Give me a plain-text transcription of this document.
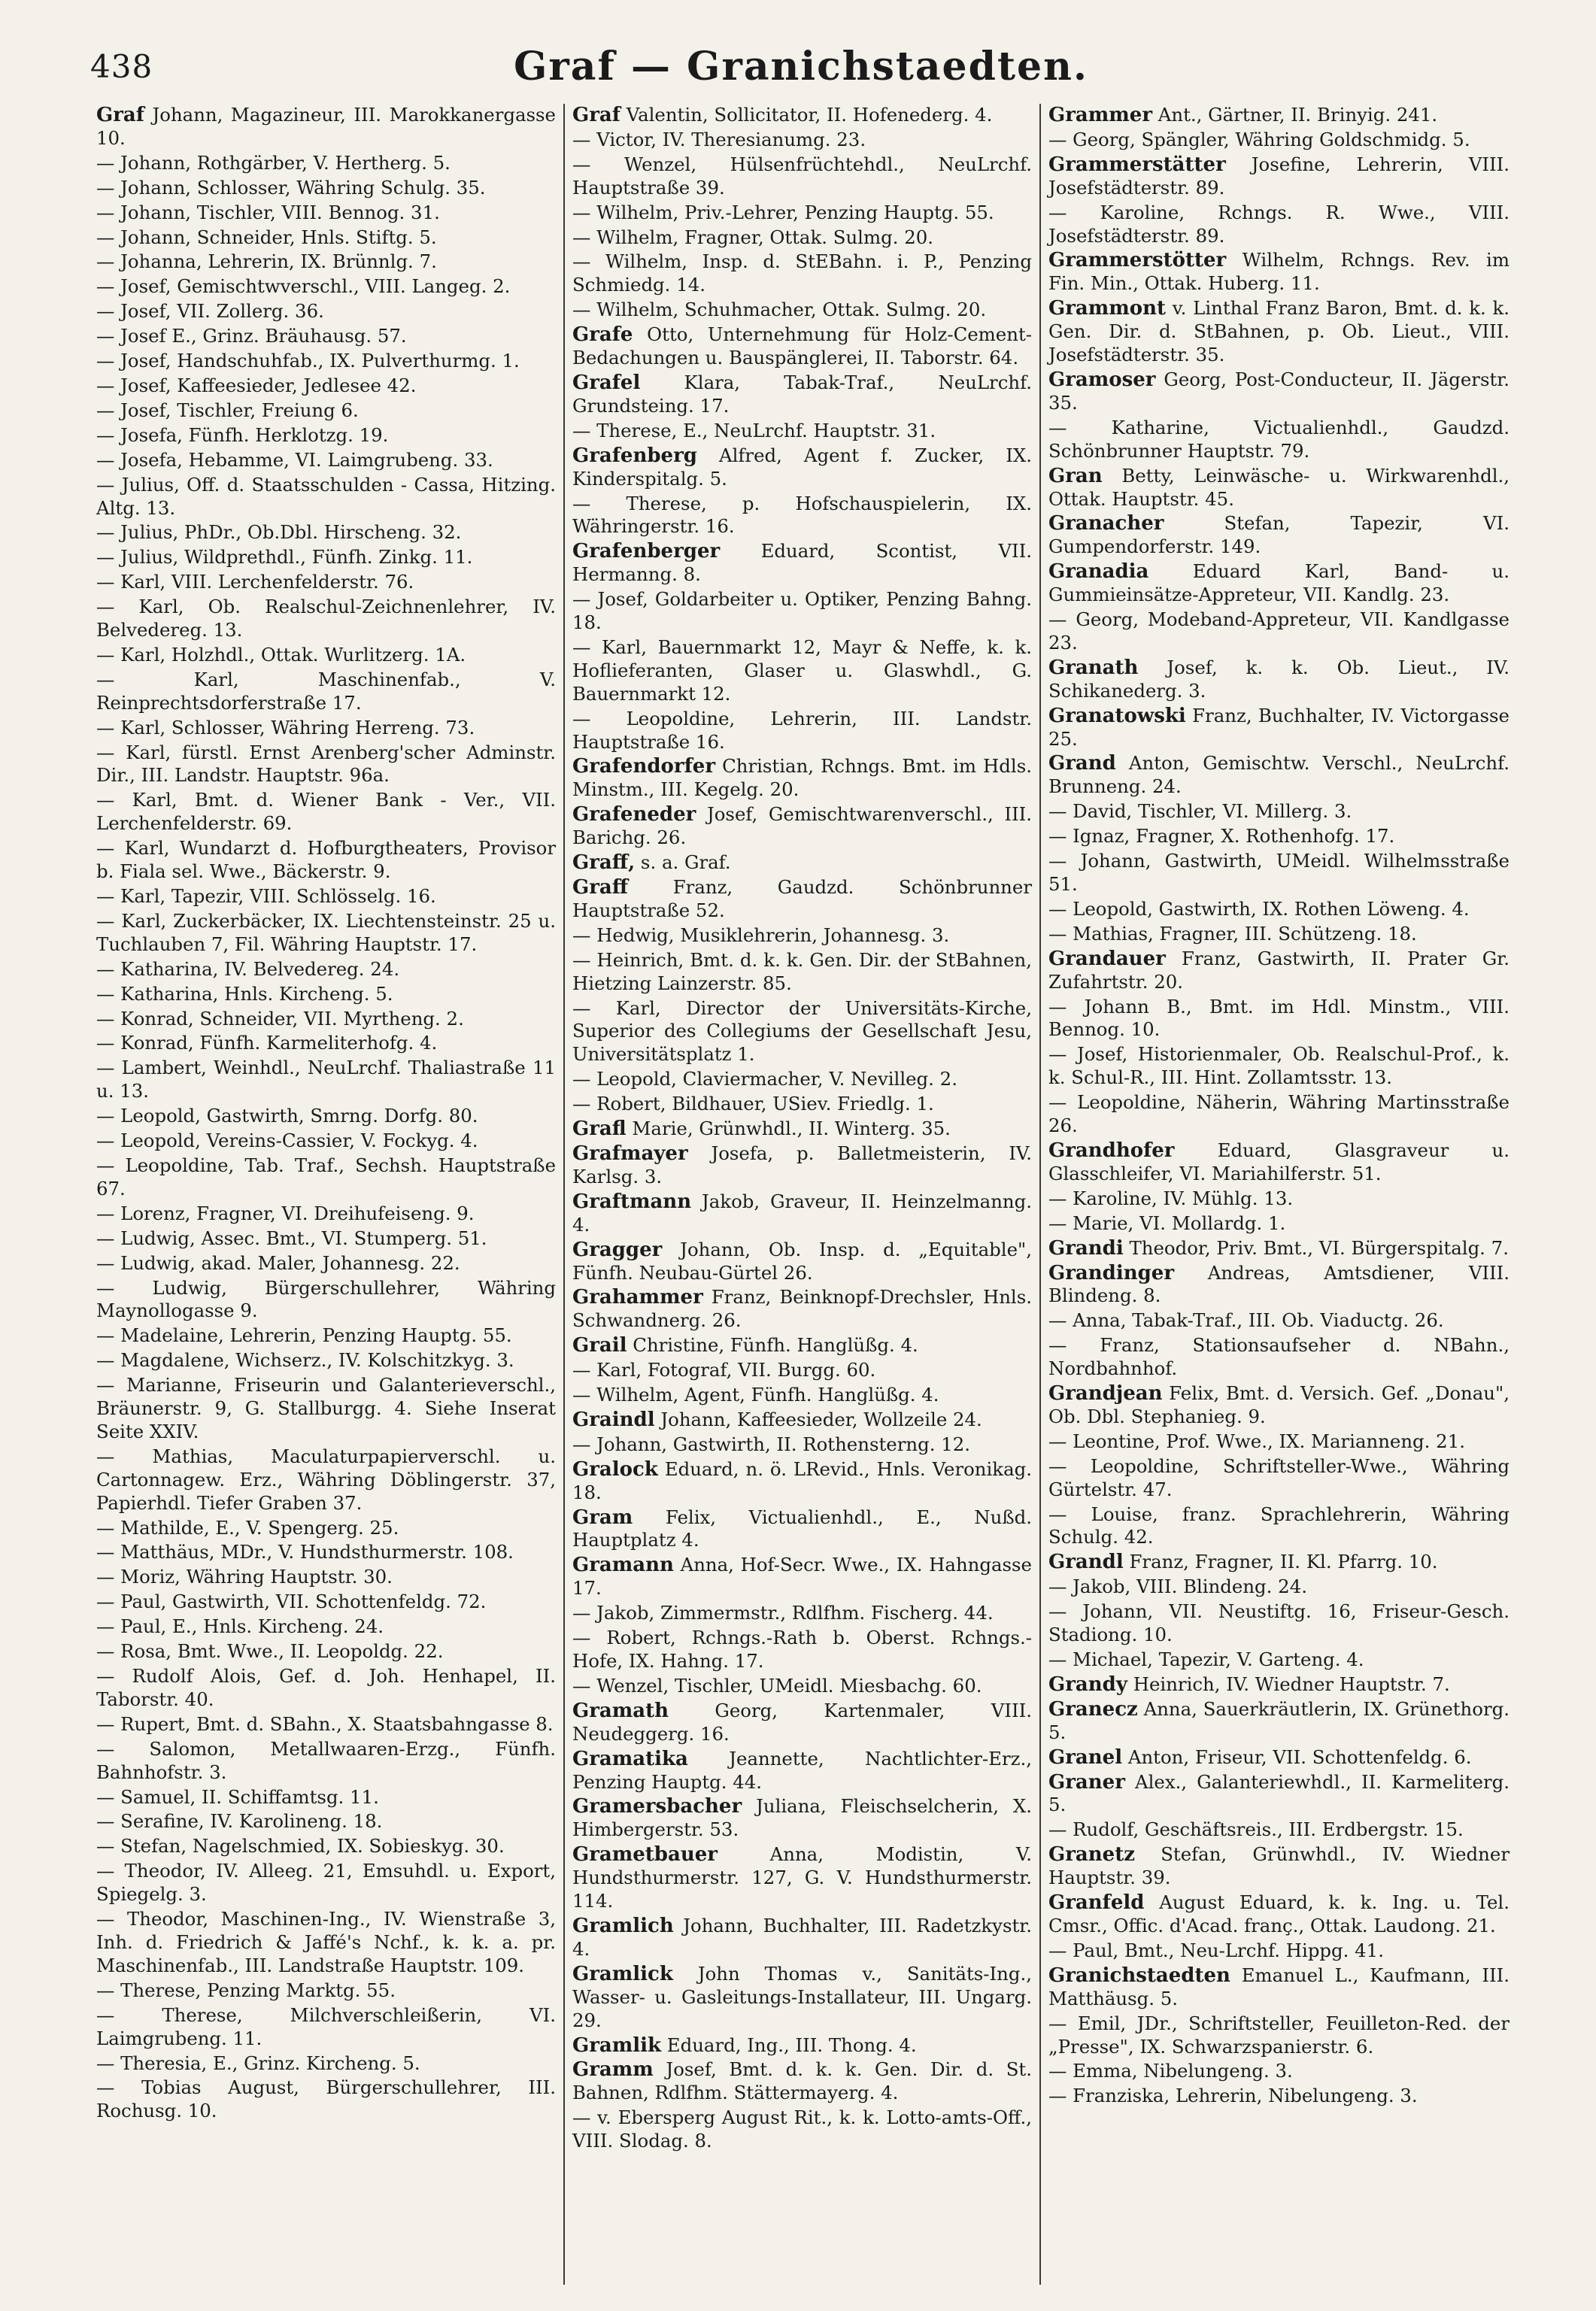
438	Graf — Granichstaedten.
Graf Johann, Magazineur, III. Marokkanergasse 10.
— Johann, Rothgärber, V. Hertherg. 5.
— Johann, Schlosser, Währing Schulg. 35.
— Johann, Tischler, VIII. Bennog. 31.
— Johann, Schneider, Hnls. Stiftg. 5.
— Johanna, Lehrerin, IX. Brünnlg. 7.
— Josef, Gemischtwverschl., VIII. Langeg. 2.
— Josef, VII. Zollerg. 36.
— Josef E., Grinz. Bräuhausg. 57.
— Josef, Handschuhfab., IX. Pulverthurmg. 1.
— Josef, Kaffeesieder, Jedlesee 42.
— Josef, Tischler, Freiung 6.
— Josefa, Fünfh. Herklotzg. 19.
— Josefa, Hebamme, VI. Laimgrubeng. 33.
— Julius, Off. d. Staatsschulden - Cassa, Hitzing. Altg. 13.
— Julius, PhDr., Ob.Dbl. Hirscheng. 32.
— Julius, Wildprethdl., Fünfh. Zinkg. 11.
— Karl, VIII. Lerchenfelderstr. 76.
— Karl, Ob. Realschul-Zeichnenlehrer, IV. Belvedereg. 13.
— Karl, Holzhdl., Ottak. Wurlitzerg. 1A.
— Karl, Maschinenfab., V. Reinprechtsdorferstraße 17.
— Karl, Schlosser, Währing Herreng. 73.
— Karl, fürstl. Ernst Arenberg'scher Adminstr. Dir., III. Landstr. Hauptstr. 96a.
— Karl, Bmt. d. Wiener Bank - Ver., VII. Lerchenfelderstr. 69.
— Karl, Wundarzt d. Hofburgtheaters, Provisor b. Fiala sel. Wwe., Bäckerstr. 9.
— Karl, Tapezir, VIII. Schlösselg. 16.
— Karl, Zuckerbäcker, IX. Liechtensteinstr. 25 u. Tuchlauben 7, Fil. Währing Hauptstr. 17.
— Katharina, IV. Belvedereg. 24.
— Katharina, Hnls. Kircheng. 5.
— Konrad, Schneider, VII. Myrtheng. 2.
— Konrad, Fünfh. Karmeliterhofg. 4.
— Lambert, Weinhdl., NeuLrchf. Thaliastraße 11 u. 13.
— Leopold, Gastwirth, Smrng. Dorfg. 80.
— Leopold, Vereins-Cassier, V. Fockyg. 4.
— Leopoldine, Tab. Traf., Sechsh. Hauptstraße 67.
— Lorenz, Fragner, VI. Dreihufeiseng. 9.
— Ludwig, Assec. Bmt., VI. Stumperg. 51.
— Ludwig, akad. Maler, Johannesg. 22.
— Ludwig, Bürgerschullehrer, Währing Maynollogasse 9.
— Madelaine, Lehrerin, Penzing Hauptg. 55.
— Magdalene, Wichserz., IV. Kolschitzkyg. 3.
— Marianne, Friseurin und Galanterieverschl., Bräunerstr. 9, G. Stallburgg. 4. Siehe Inserat Seite XXIV.
— Mathias, Maculaturpapierverschl. u. Cartonnagew. Erz., Währing Döblingerstr. 37, Papierhdl. Tiefer Graben 37.
— Mathilde, E., V. Spengerg. 25.
— Matthäus, MDr., V. Hundsthurmerstr. 108.
— Moriz, Währing Hauptstr. 30.
— Paul, Gastwirth, VII. Schottenfeldg. 72.
— Paul, E., Hnls. Kircheng. 24.
— Rosa, Bmt. Wwe., II. Leopoldg. 22.
— Rudolf Alois, Gef. d. Joh. Henhapel, II. Taborstr. 40.
— Rupert, Bmt. d. SBahn., X. Staatsbahngasse 8.
— Salomon, Metallwaaren-Erzg., Fünfh. Bahnhofstr. 3.
— Samuel, II. Schiffamtsg. 11.
— Serafine, IV. Karolineng. 18.
— Stefan, Nagelschmied, IX. Sobieskyg. 30.
— Theodor, IV. Alleeg. 21, Emsuhdl. u. Export, Spiegelg. 3.
— Theodor, Maschinen-Ing., IV. Wienstraße 3, Inh. d. Friedrich & Jaffé's Nchf., k. k. a. pr. Maschinenfab., III. Landstraße Hauptstr. 109.
— Therese, Penzing Marktg. 55.
— Therese, Milchverschleißerin, VI. Laimgrubeng. 11.
— Theresia, E., Grinz. Kircheng. 5.
— Tobias August, Bürgerschullehrer, III. Rochusg. 10.
Graf Valentin, Sollicitator, II. Hofenederg. 4.
— Victor, IV. Theresianumg. 23.
— Wenzel, Hülsenfrüchtehdl., NeuLrchf. Hauptstraße 39.
— Wilhelm, Priv.-Lehrer, Penzing Hauptg. 55.
— Wilhelm, Fragner, Ottak. Sulmg. 20.
— Wilhelm, Insp. d. StEBahn. i. P., Penzing Schmiedg. 14.
— Wilhelm, Schuhmacher, Ottak. Sulmg. 20.
Grafe Otto, Unternehmung für Holz-Cement-Bedachungen u. Bauspänglerei, II. Taborstr. 64.
Grafel Klara, Tabak-Traf., NeuLrchf. Grundsteing. 17.
— Therese, E., NeuLrchf. Hauptstr. 31.
Grafenberg Alfred, Agent f. Zucker, IX. Kinderspitalg. 5.
— Therese, p. Hofschauspielerin, IX. Währingerstr. 16.
Grafenberger Eduard, Scontist, VII. Hermanng. 8.
— Josef, Goldarbeiter u. Optiker, Penzing Bahng. 18.
— Karl, Bauernmarkt 12, Mayr & Neffe, k. k. Hoflieferanten, Glaser u. Glaswhdl., G. Bauernmarkt 12.
— Leopoldine, Lehrerin, III. Landstr. Hauptstraße 16.
Grafendorfer Christian, Rchngs. Bmt. im Hdls. Minstm., III. Kegelg. 20.
Grafeneder Josef, Gemischtwarenverschl., III. Barichg. 26.
Graff, s. a. Graf.
Graff Franz, Gaudzd. Schönbrunner Hauptstraße 52.
— Hedwig, Musiklehrerin, Johannesg. 3.
— Heinrich, Bmt. d. k. k. Gen. Dir. der StBahnen, Hietzing Lainzerstr. 85.
— Karl, Director der Universitäts-Kirche, Superior des Collegiums der Gesellschaft Jesu, Universitätsplatz 1.
— Leopold, Claviermacher, V. Nevilleg. 2.
— Robert, Bildhauer, USiev. Friedlg. 1.
Grafl Marie, Grünwhdl., II. Winterg. 35.
Grafmayer Josefa, p. Balletmeisterin, IV. Karlsg. 3.
Graftmann Jakob, Graveur, II. Heinzelmanng. 4.
Gragger Johann, Ob. Insp. d. „Equitable", Fünfh. Neubau-Gürtel 26.
Grahammer Franz, Beinknopf-Drechsler, Hnls. Schwandnerg. 26.
Grail Christine, Fünfh. Hanglüßg. 4.
— Karl, Fotograf, VII. Burgg. 60.
— Wilhelm, Agent, Fünfh. Hanglüßg. 4.
Graindl Johann, Kaffeesieder, Wollzeile 24.
— Johann, Gastwirth, II. Rothensterng. 12.
Gralock Eduard, n. ö. LRevid., Hnls. Veronikag. 18.
Gram Felix, Victualienhdl., E., Nußd. Hauptplatz 4.
Gramann Anna, Hof-Secr. Wwe., IX. Hahngasse 17.
— Jakob, Zimmermstr., Rdlfhm. Fischerg. 44.
— Robert, Rchngs.-Rath b. Oberst. Rchngs.-Hofe, IX. Hahng. 17.
— Wenzel, Tischler, UMeidl. Miesbachg. 60.
Gramath	Georg, Kartenmaler, VIII. Neudeggerg. 16.
Gramatika Jeannette, Nachtlichter-Erz., Penzing Hauptg. 44.
Gramersbacher Juliana, Fleischselcherin, X. Himbergerstr. 53.
Grametbauer	Anna, Modistin, V. Hundsthurmerstr. 127, G. V. Hundsthurmerstr. 114.
Gramlich Johann, Buchhalter, III. Radetzkystr. 4.
Gramlick John Thomas v., Sanitäts-Ing., Wasser- u. Gasleitungs-Installateur, III. Ungarg. 29.
Gramlik Eduard, Ing., III. Thong. 4.
Gramm Josef, Bmt. d. k. k. Gen. Dir. d. St. Bahnen, Rdlfhm. Stättermayerg. 4.
— v. Ebersperg August Rit., k. k. Lotto-amts-Off., VIII. Slodag. 8.
Grammer Ant., Gärtner, II. Brinyig. 241.
— Georg, Spängler, Währing Goldschmidg. 5.
Grammerstätter Josefine, Lehrerin, VIII. Josefstädterstr. 89.
— Karoline, Rchngs. R. Wwe., VIII. Josefstädterstr. 89.
Grammerstötter Wilhelm, Rchngs. Rev. im Fin. Min., Ottak. Huberg. 11.
Grammont v. Linthal Franz Baron, Bmt. d. k. k. Gen. Dir. d. StBahnen, p. Ob. Lieut., VIII. Josefstädterstr. 35.
Gramoser Georg, Post-Conducteur, II. Jägerstr. 35.
— Katharine, Victualienhdl., Gaudzd. Schönbrunner Hauptstr. 79.
Gran Betty, Leinwäsche- u. Wirkwarenhdl., Ottak. Hauptstr. 45.
Granacher	Stefan, Tapezir, VI. Gumpendorferstr. 149.
Granadia Eduard Karl, Band- u. Gummieinsätze-Appreteur, VII. Kandlg. 23.
— Georg, Modeband-Appreteur, VII. Kandlgasse 23.
Granath Josef, k. k. Ob. Lieut., IV. Schikanederg. 3.
Granatowski Franz, Buchhalter, IV. Victorgasse 25.
Grand Anton, Gemischtw. Verschl., NeuLrchf. Brunneng. 24.
— David, Tischler, VI. Millerg. 3.
— Ignaz, Fragner, X. Rothenhofg. 17.
— Johann, Gastwirth, UMeidl. Wilhelmsstraße 51.
— Leopold, Gastwirth, IX. Rothen Löweng. 4.
— Mathias, Fragner, III. Schützeng. 18.
Grandauer Franz, Gastwirth, II. Prater Gr. Zufahrtstr. 20.
— Johann B., Bmt. im Hdl. Minstm., VIII. Bennog. 10.
— Josef, Historienmaler, Ob. Realschul-Prof., k. k. Schul-R., III. Hint. Zollamtsstr. 13.
— Leopoldine, Näherin, Währing Martinsstraße 26.
Grandhofer Eduard, Glasgraveur u. Glasschleifer, VI. Mariahilferstr. 51.
— Karoline, IV. Mühlg. 13.
— Marie, VI. Mollardg. 1.
Grandi Theodor, Priv. Bmt., VI. Bürgerspitalg. 7.
Grandinger Andreas, Amtsdiener, VIII. Blindeng. 8.
— Anna, Tabak-Traf., III. Ob. Viaductg. 26.
— Franz, Stationsaufseher d. NBahn., Nordbahnhof.
Grandjean Felix, Bmt. d. Versich. Gef. „Donau", Ob. Dbl. Stephanieg. 9.
— Leontine, Prof. Wwe., IX. Marianneng. 21.
— Leopoldine, Schriftsteller-Wwe., Währing Gürtelstr. 47.
— Louise, franz. Sprachlehrerin, Währing Schulg. 42.
Grandl Franz, Fragner, II. Kl. Pfarrg. 10.
— Jakob, VIII. Blindeng. 24.
— Johann, VII. Neustiftg. 16, Friseur-Gesch. Stadiong. 10.
— Michael, Tapezir, V. Garteng. 4.
Grandy Heinrich, IV. Wiedner Hauptstr. 7.
Granecz Anna, Sauerkräutlerin, IX. Grünethorg. 5.
Granel Anton, Friseur, VII. Schottenfeldg. 6.
Graner Alex., Galanteriewhdl., II. Karmeliterg. 5.
— Rudolf, Geschäftsreis., III. Erdbergstr. 15.
Granetz Stefan, Grünwhdl., IV. Wiedner Hauptstr. 39.
Granfeld August Eduard, k. k. Ing. u. Tel. Cmsr., Offic. d'Acad. franç., Ottak. Laudong. 21.
— Paul, Bmt., Neu-Lrchf. Hippg. 41.
Granichstaedten Emanuel L., Kaufmann, III. Matthäusg. 5.
— Emil, JDr., Schriftsteller, Feuilleton-Red. der „Presse", IX. Schwarzspanierstr. 6.
— Emma, Nibelungeng. 3.
— Franziska, Lehrerin, Nibelungeng. 3.
